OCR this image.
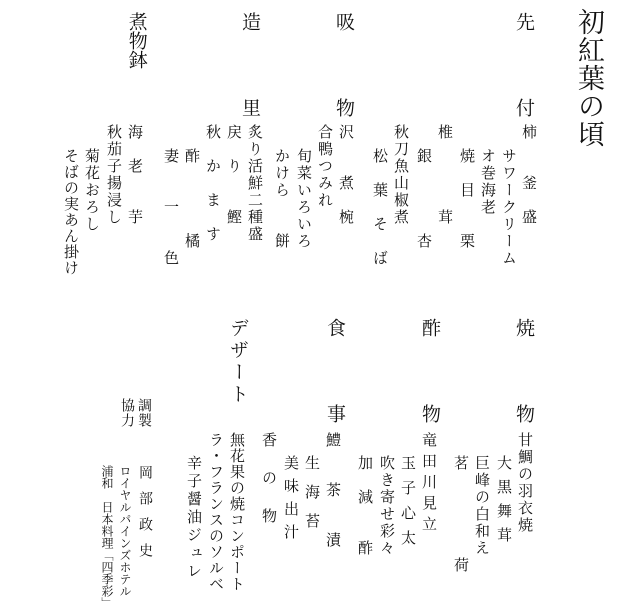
初紅葉の頃
先付
吸物
造里
煮物鉢
柿　　釜　盛
サワークリーム
オ巻海老
焼　目　　栗
椎　　　　茸
銀　　　　杏
秋刀魚山椒煮
松　葉　そ　ば
沢　　煮　椀
合鴨つみれ
旬菜いろいろ
かけら　　餅
炙り活鮮二種盛
戻　り　　鰹
秋　か　ま　す
酢　　　　橘
妻　　一　　色
海　老　　芋
秋茄子揚浸し
菊花おろし
そばの実あん掛け
焼物
酢物
食事
デザート
甘鯛の羽衣焼
大黒舞茸
巨峰の白和え
茗　　　　　荷
竜田川見立
玉子心太
吹き寄せ彩々
加　減　　酢
鱧　茶　漬
生海苔
美味出汁
香　の　物
無花果の焼コンポート
ラ・フランスのソルベ
辛子醤油ジュレ
調製
協力
岡部政史
ロイヤルパインズホテル
浦和　日本料理「四季彩」
